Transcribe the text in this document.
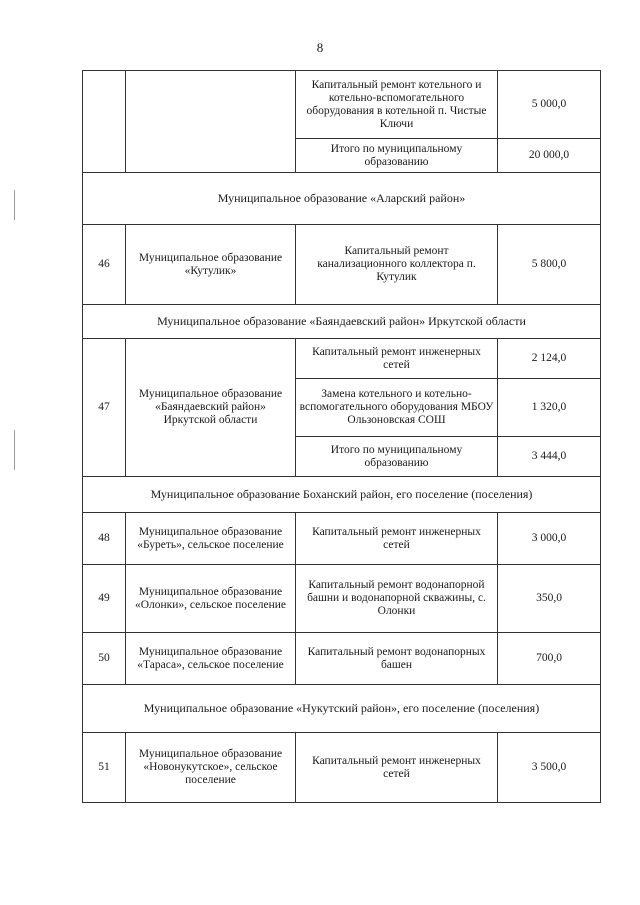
8
		Капитальный ремонт котельного и котельно-вспомогательного оборудования в котельной п. Чистые Ключи	5 000,0
		Итого по муниципальному образованию	20 000,0
Муниципальное образование «Аларский район»			
46	Муниципальное образование «Кутулик»	Капитальный ремонт канализационного коллектора п. Кутулик	5 800,0
Муниципальное образование «Баяндаевский район» Иркутской области			
47	Муниципальное образование «Баяндаевский район» Иркутской области	Капитальный ремонт инженерных сетей	2 124,0
		Замена котельного и котельно-вспомогательного оборудования МБОУ Ользоновская СОШ	1 320,0
		Итого по муниципальному образованию	3 444,0
Муниципальное образование Боханский район, его поселение (поселения)			
48	Муниципальное образование «Буреть», сельское поселение	Капитальный ремонт инженерных сетей	3 000,0
49	Муниципальное образование «Олонки», сельское поселение	Капитальный ремонт водонапорной башни и водонапорной скважины, с. Олонки	350,0
50	Муниципальное образование «Тараса», сельское поселение	Капитальный ремонт водонапорных башен	700,0
Муниципальное образование «Нукутский район», его поселение (поселения)			
51	Муниципальное образование «Новонукутское», сельское поселение	Капитальный ремонт инженерных сетей	3 500,0
